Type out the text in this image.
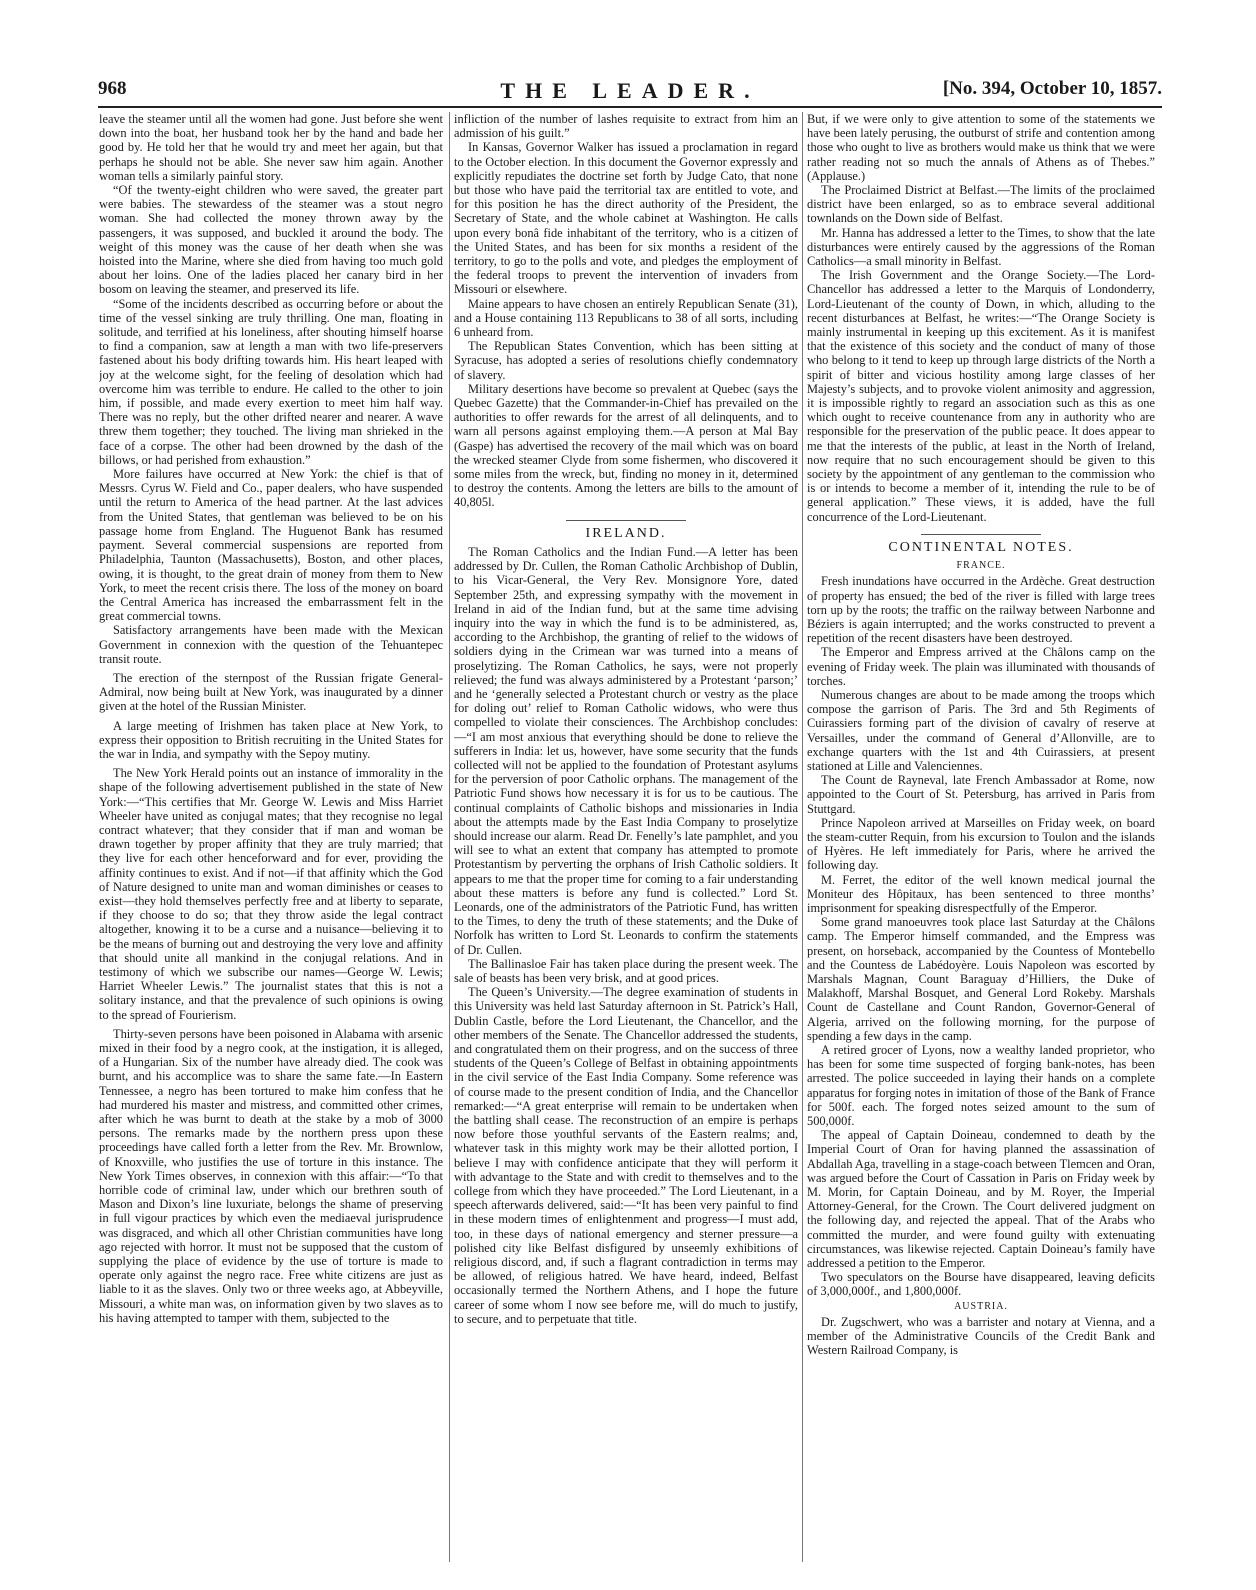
968	THE LEADER.	[No. 394, October 10, 1857.

leave the steamer until all the women had gone. Just before she went down into the boat, her husband took her by the hand and bade her good by. He told her that he would try and meet her again, but that perhaps he should not be able. She never saw him again. Another woman tells a similarly painful story.

“Of the twenty-eight children who were saved, the greater part were babies. The stewardess of the steamer was a stout negro woman. She had collected the money thrown away by the passengers, it was supposed, and buckled it around the body. The weight of this money was the cause of her death when she was hoisted into the Marine, where she died from having too much gold about her loins. One of the ladies placed her canary bird in her bosom on leaving the steamer, and preserved its life.

“Some of the incidents described as occurring before or about the time of the vessel sinking are truly thrilling. One man, floating in solitude, and terrified at his loneliness, after shouting himself hoarse to find a companion, saw at length a man with two life-preservers fastened about his body drifting towards him. His heart leaped with joy at the welcome sight, for the feeling of desolation which had overcome him was terrible to endure. He called to the other to join him, if possible, and made every exertion to meet him half way. There was no reply, but the other drifted nearer and nearer. A wave threw them together; they touched. The living man shrieked in the face of a corpse. The other had been drowned by the dash of the billows, or had perished from exhaustion.”

More failures have occurred at New York: the chief is that of Messrs. Cyrus W. Field and Co., paper dealers, who have suspended until the return to America of the head partner. At the last advices from the United States, that gentleman was believed to be on his passage home from England. The Huguenot Bank has resumed payment. Several commercial suspensions are reported from Philadelphia, Taunton (Massachusetts), Boston, and other places, owing, it is thought, to the great drain of money from them to New York, to meet the recent crisis there. The loss of the money on board the Central America has increased the embarrassment felt in the great commercial towns.

Satisfactory arrangements have been made with the Mexican Government in connexion with the question of the Tehuantepec transit route.

The erection of the sternpost of the Russian frigate General-Admiral, now being built at New York, was inaugurated by a dinner given at the hotel of the Russian Minister.

A large meeting of Irishmen has taken place at New York, to express their opposition to British recruiting in the United States for the war in India, and sympathy with the Sepoy mutiny.

The New York Herald points out an instance of immorality in the shape of the following advertisement published in the state of New York:—“This certifies that Mr. George W. Lewis and Miss Harriet Wheeler have united as conjugal mates; that they recognise no legal contract whatever; that they consider that if man and woman be drawn together by proper affinity that they are truly married; that they live for each other henceforward and for ever, providing the affinity continues to exist. And if not—if that affinity which the God of Nature designed to unite man and woman diminishes or ceases to exist—they hold themselves perfectly free and at liberty to separate, if they choose to do so; that they throw aside the legal contract altogether, knowing it to be a curse and a nuisance—believing it to be the means of burning out and destroying the very love and affinity that should unite all mankind in the conjugal relations. And in testimony of which we subscribe our names—George W. Lewis; Harriet Wheeler Lewis.” The journalist states that this is not a solitary instance, and that the prevalence of such opinions is owing to the spread of Fourierism.

Thirty-seven persons have been poisoned in Alabama with arsenic mixed in their food by a negro cook, at the instigation, it is alleged, of a Hungarian. Six of the number have already died. The cook was burnt, and his accomplice was to share the same fate.—In Eastern Tennessee, a negro has been tortured to make him confess that he had murdered his master and mistress, and committed other crimes, after which he was burnt to death at the stake by a mob of 3000 persons. The remarks made by the northern press upon these proceedings have called forth a letter from the Rev. Mr. Brownlow, of Knoxville, who justifies the use of torture in this instance. The New York Times observes, in connexion with this affair:—“To that horrible code of criminal law, under which our brethren south of Mason and Dixon’s line luxuriate, belongs the shame of preserving in full vigour practices by which even the mediaeval jurisprudence was disgraced, and which all other Christian communities have long ago rejected with horror. It must not be supposed that the custom of supplying the place of evidence by the use of torture is made to operate only against the negro race. Free white citizens are just as liable to it as the slaves. Only two or three weeks ago, at Abbeyville, Missouri, a white man was, on information given by two slaves as to his having attempted to tamper with them, subjected to the

infliction of the number of lashes requisite to extract from him an admission of his guilt.”

In Kansas, Governor Walker has issued a proclamation in regard to the October election. In this document the Governor expressly and explicitly repudiates the doctrine set forth by Judge Cato, that none but those who have paid the territorial tax are entitled to vote, and for this position he has the direct authority of the President, the Secretary of State, and the whole cabinet at Washington. He calls upon every bonâ fide inhabitant of the territory, who is a citizen of the United States, and has been for six months a resident of the territory, to go to the polls and vote, and pledges the employment of the federal troops to prevent the intervention of invaders from Missouri or elsewhere.

Maine appears to have chosen an entirely Republican Senate (31), and a House containing 113 Republicans to 38 of all sorts, including 6 unheard from.

The Republican States Convention, which has been sitting at Syracuse, has adopted a series of resolutions chiefly condemnatory of slavery.

Military desertions have become so prevalent at Quebec (says the Quebec Gazette) that the Commander-in-Chief has prevailed on the authorities to offer rewards for the arrest of all delinquents, and to warn all persons against employing them.—A person at Mal Bay (Gaspe) has advertised the recovery of the mail which was on board the wrecked steamer Clyde from some fishermen, who discovered it some miles from the wreck, but, finding no money in it, determined to destroy the contents. Among the letters are bills to the amount of 40,805l.

IRELAND.

The Roman Catholics and the Indian Fund.—A letter has been addressed by Dr. Cullen, the Roman Catholic Archbishop of Dublin, to his Vicar-General, the Very Rev. Monsignore Yore, dated September 25th, and expressing sympathy with the movement in Ireland in aid of the Indian fund, but at the same time advising inquiry into the way in which the fund is to be administered, as, according to the Archbishop, the granting of relief to the widows of soldiers dying in the Crimean war was turned into a means of proselytizing. The Roman Catholics, he says, were not properly relieved; the fund was always administered by a Protestant ‘parson;’ and he ‘generally selected a Protestant church or vestry as the place for doling out’ relief to Roman Catholic widows, who were thus compelled to violate their consciences. The Archbishop concludes:—“I am most anxious that everything should be done to relieve the sufferers in India: let us, however, have some security that the funds collected will not be applied to the foundation of Protestant asylums for the perversion of poor Catholic orphans. The management of the Patriotic Fund shows how necessary it is for us to be cautious. The continual complaints of Catholic bishops and missionaries in India about the attempts made by the East India Company to proselytize should increase our alarm. Read Dr. Fenelly’s late pamphlet, and you will see to what an extent that company has attempted to promote Protestantism by perverting the orphans of Irish Catholic soldiers. It appears to me that the proper time for coming to a fair understanding about these matters is before any fund is collected.” Lord St. Leonards, one of the administrators of the Patriotic Fund, has written to the Times, to deny the truth of these statements; and the Duke of Norfolk has written to Lord St. Leonards to confirm the statements of Dr. Cullen.

The Ballinasloe Fair has taken place during the present week. The sale of beasts has been very brisk, and at good prices.

The Queen’s University.—The degree examination of students in this University was held last Saturday afternoon in St. Patrick’s Hall, Dublin Castle, before the Lord Lieutenant, the Chancellor, and the other members of the Senate. The Chancellor addressed the students, and congratulated them on their progress, and on the success of three students of the Queen’s College of Belfast in obtaining appointments in the civil service of the East India Company. Some reference was of course made to the present condition of India, and the Chancellor remarked:—“A great enterprise will remain to be undertaken when the battling shall cease. The reconstruction of an empire is perhaps now before those youthful servants of the Eastern realms; and, whatever task in this mighty work may be their allotted portion, I believe I may with confidence anticipate that they will perform it with advantage to the State and with credit to themselves and to the college from which they have proceeded.” The Lord Lieutenant, in a speech afterwards delivered, said:—“It has been very painful to find in these modern times of enlightenment and progress—I must add, too, in these days of national emergency and sterner pressure—a polished city like Belfast disfigured by unseemly exhibitions of religious discord, and, if such a flagrant contradiction in terms may be allowed, of religious hatred. We have heard, indeed, Belfast occasionally termed the Northern Athens, and I hope the future career of some whom I now see before me, will do much to justify, to secure, and to perpetuate that title.

But, if we were only to give attention to some of the statements we have been lately perusing, the outburst of strife and contention among those who ought to live as brothers would make us think that we were rather reading not so much the annals of Athens as of Thebes.” (Applause.)

The Proclaimed District at Belfast.—The limits of the proclaimed district have been enlarged, so as to embrace several additional townlands on the Down side of Belfast.

Mr. Hanna has addressed a letter to the Times, to show that the late disturbances were entirely caused by the aggressions of the Roman Catholics—a small minority in Belfast.

The Irish Government and the Orange Society.—The Lord-Chancellor has addressed a letter to the Marquis of Londonderry, Lord-Lieutenant of the county of Down, in which, alluding to the recent disturbances at Belfast, he writes:—“The Orange Society is mainly instrumental in keeping up this excitement. As it is manifest that the existence of this society and the conduct of many of those who belong to it tend to keep up through large districts of the North a spirit of bitter and vicious hostility among large classes of her Majesty’s subjects, and to provoke violent animosity and aggression, it is impossible rightly to regard an association such as this as one which ought to receive countenance from any in authority who are responsible for the preservation of the public peace. It does appear to me that the interests of the public, at least in the North of Ireland, now require that no such encouragement should be given to this society by the appointment of any gentleman to the commission who is or intends to become a member of it, intending the rule to be of general application.” These views, it is added, have the full concurrence of the Lord-Lieutenant.

CONTINENTAL NOTES.
FRANCE.

Fresh inundations have occurred in the Ardèche. Great destruction of property has ensued; the bed of the river is filled with large trees torn up by the roots; the traffic on the railway between Narbonne and Béziers is again interrupted; and the works constructed to prevent a repetition of the recent disasters have been destroyed.

The Emperor and Empress arrived at the Châlons camp on the evening of Friday week. The plain was illuminated with thousands of torches.

Numerous changes are about to be made among the troops which compose the garrison of Paris. The 3rd and 5th Regiments of Cuirassiers forming part of the division of cavalry of reserve at Versailles, under the command of General d’Allonville, are to exchange quarters with the 1st and 4th Cuirassiers, at present stationed at Lille and Valenciennes.

The Count de Rayneval, late French Ambassador at Rome, now appointed to the Court of St. Petersburg, has arrived in Paris from Stuttgard.

Prince Napoleon arrived at Marseilles on Friday week, on board the steam-cutter Requin, from his excursion to Toulon and the islands of Hyères. He left immediately for Paris, where he arrived the following day.

M. Ferret, the editor of the well known medical journal the Moniteur des Hôpitaux, has been sentenced to three months’ imprisonment for speaking disrespectfully of the Emperor.

Some grand manoeuvres took place last Saturday at the Châlons camp. The Emperor himself commanded, and the Empress was present, on horseback, accompanied by the Countess of Montebello and the Countess de Labédoyère. Louis Napoleon was escorted by Marshals Magnan, Count Baraguay d’Hilliers, the Duke of Malakhoff, Marshal Bosquet, and General Lord Rokeby. Marshals Count de Castellane and Count Randon, Governor-General of Algeria, arrived on the following morning, for the purpose of spending a few days in the camp.

A retired grocer of Lyons, now a wealthy landed proprietor, who has been for some time suspected of forging bank-notes, has been arrested. The police succeeded in laying their hands on a complete apparatus for forging notes in imitation of those of the Bank of France for 500f. each. The forged notes seized amount to the sum of 500,000f.

The appeal of Captain Doineau, condemned to death by the Imperial Court of Oran for having planned the assassination of Abdallah Aga, travelling in a stage-coach between Tlemcen and Oran, was argued before the Court of Cassation in Paris on Friday week by M. Morin, for Captain Doineau, and by M. Royer, the Imperial Attorney-General, for the Crown. The Court delivered judgment on the following day, and rejected the appeal. That of the Arabs who committed the murder, and were found guilty with extenuating circumstances, was likewise rejected. Captain Doineau’s family have addressed a petition to the Emperor.

Two speculators on the Bourse have disappeared, leaving deficits of 3,000,000f., and 1,800,000f.

AUSTRIA.

Dr. Zugschwert, who was a barrister and notary at Vienna, and a member of the Administrative Councils of the Credit Bank and Western Railroad Company, is
